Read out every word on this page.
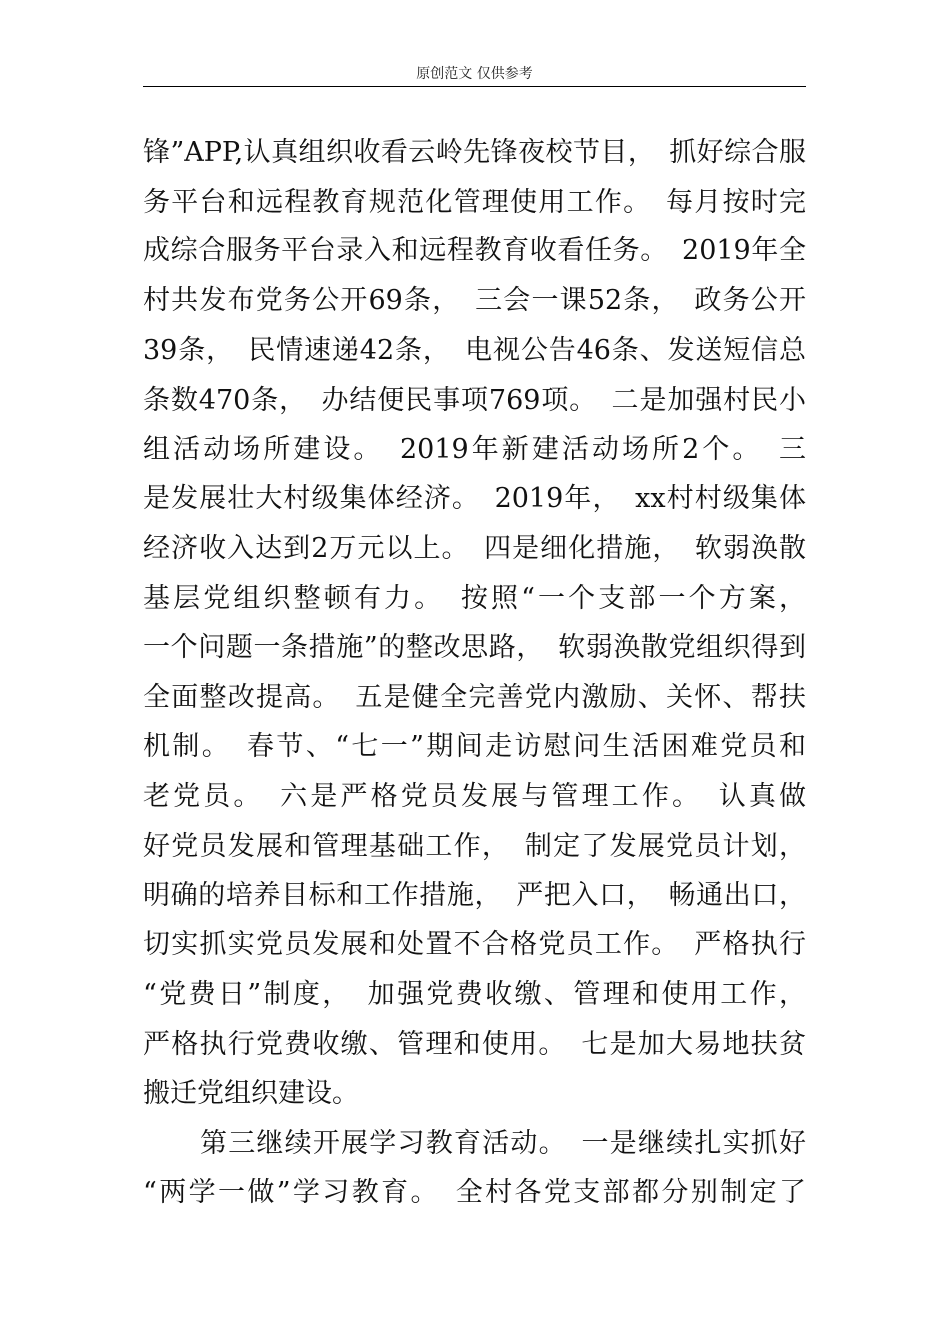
原创范文 仅供参考
锋”APP,认真组织收看云岭先锋夜校节目，　抓好综合服
务平台和远程教育规范化管理使用工作。　每月按时完
成综合服务平台录入和远程教育收看任务。　2019年全
村共发布党务公开69条，　三会一课52条，　政务公开
39条，　民情速递42条，　电视公告46条、发送短信总
条数470条，　办结便民事项769项。　二是加强村民小
组活动场所建设。　2019年新建活动场所2个。　三
是发展壮大村级集体经济。　2019年，　xx村村级集体
经济收入达到2万元以上。　四是细化措施，　软弱涣散
基层党组织整顿有力。　按照“一个支部一个方案，
一个问题一条措施”的整改思路，　软弱涣散党组织得到
全面整改提高。　五是健全完善党内激励、关怀、帮扶
机制。　春节、“七一”期间走访慰问生活困难党员和
老党员。　六是严格党员发展与管理工作。　认真做
好党员发展和管理基础工作，　制定了发展党员计划，
明确的培养目标和工作措施，　严把入口，　畅通出口，
切实抓实党员发展和处置不合格党员工作。　严格执行
“党费日”制度，　加强党费收缴、管理和使用工作，
严格执行党费收缴、管理和使用。　七是加大易地扶贫
搬迁党组织建设。
第三继续开展学习教育活动。　一是继续扎实抓好
“两学一做”学习教育。　全村各党支部都分别制定了
